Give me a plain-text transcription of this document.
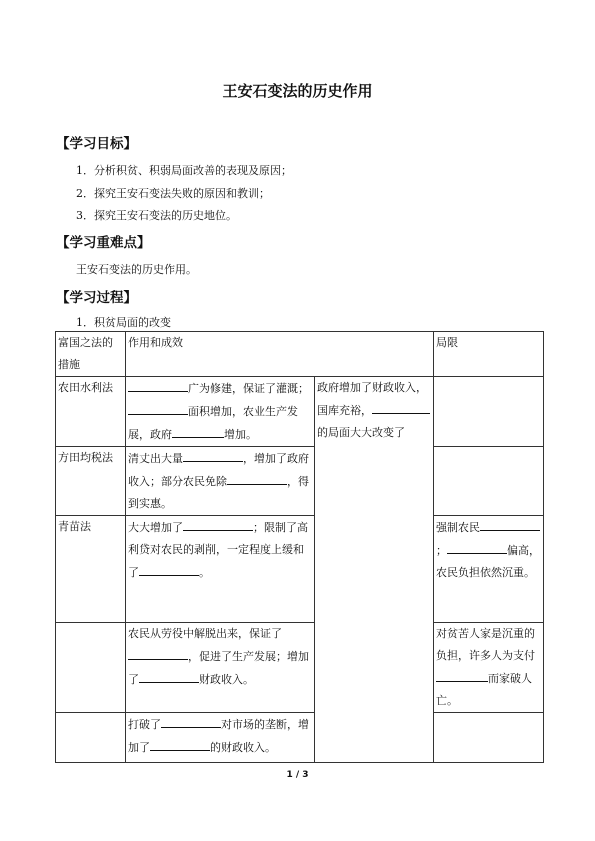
王安石变法的历史作用
【学习目标】
1．分析积贫、积弱局面改善的表现及原因；
2．探究王安石变法失败的原因和教训；
3．探究王安石变法的历史地位。
【学习重难点】
王安石变法的历史作用。
【学习过程】
1．积贫局面的改变
富国之法的措施	作用和成效		局限
农田水利法	广为修建，保证了灌溉；面积增加，农业生产发展，政府 增加。	政府增加了财政收入，国库充裕，的局面大大改变了	
方田均税法	清丈出大量 ，增加了政府收入；部分农民免除 ，得到实惠。		
青苗法	大大增加了 ；限制了高利贷对农民的剥削，一定程度上缓和了 。		强制农民； 偏高，农民负担依然沉重。
	农民从劳役中解脱出来，保证了，促进了生产发展；增加了 财政收入。		对贫苦人家是沉重的负担，许多人为支付而家破人亡。
	打破了 对市场的垄断，增加了 的财政收入。		
1 / 3
